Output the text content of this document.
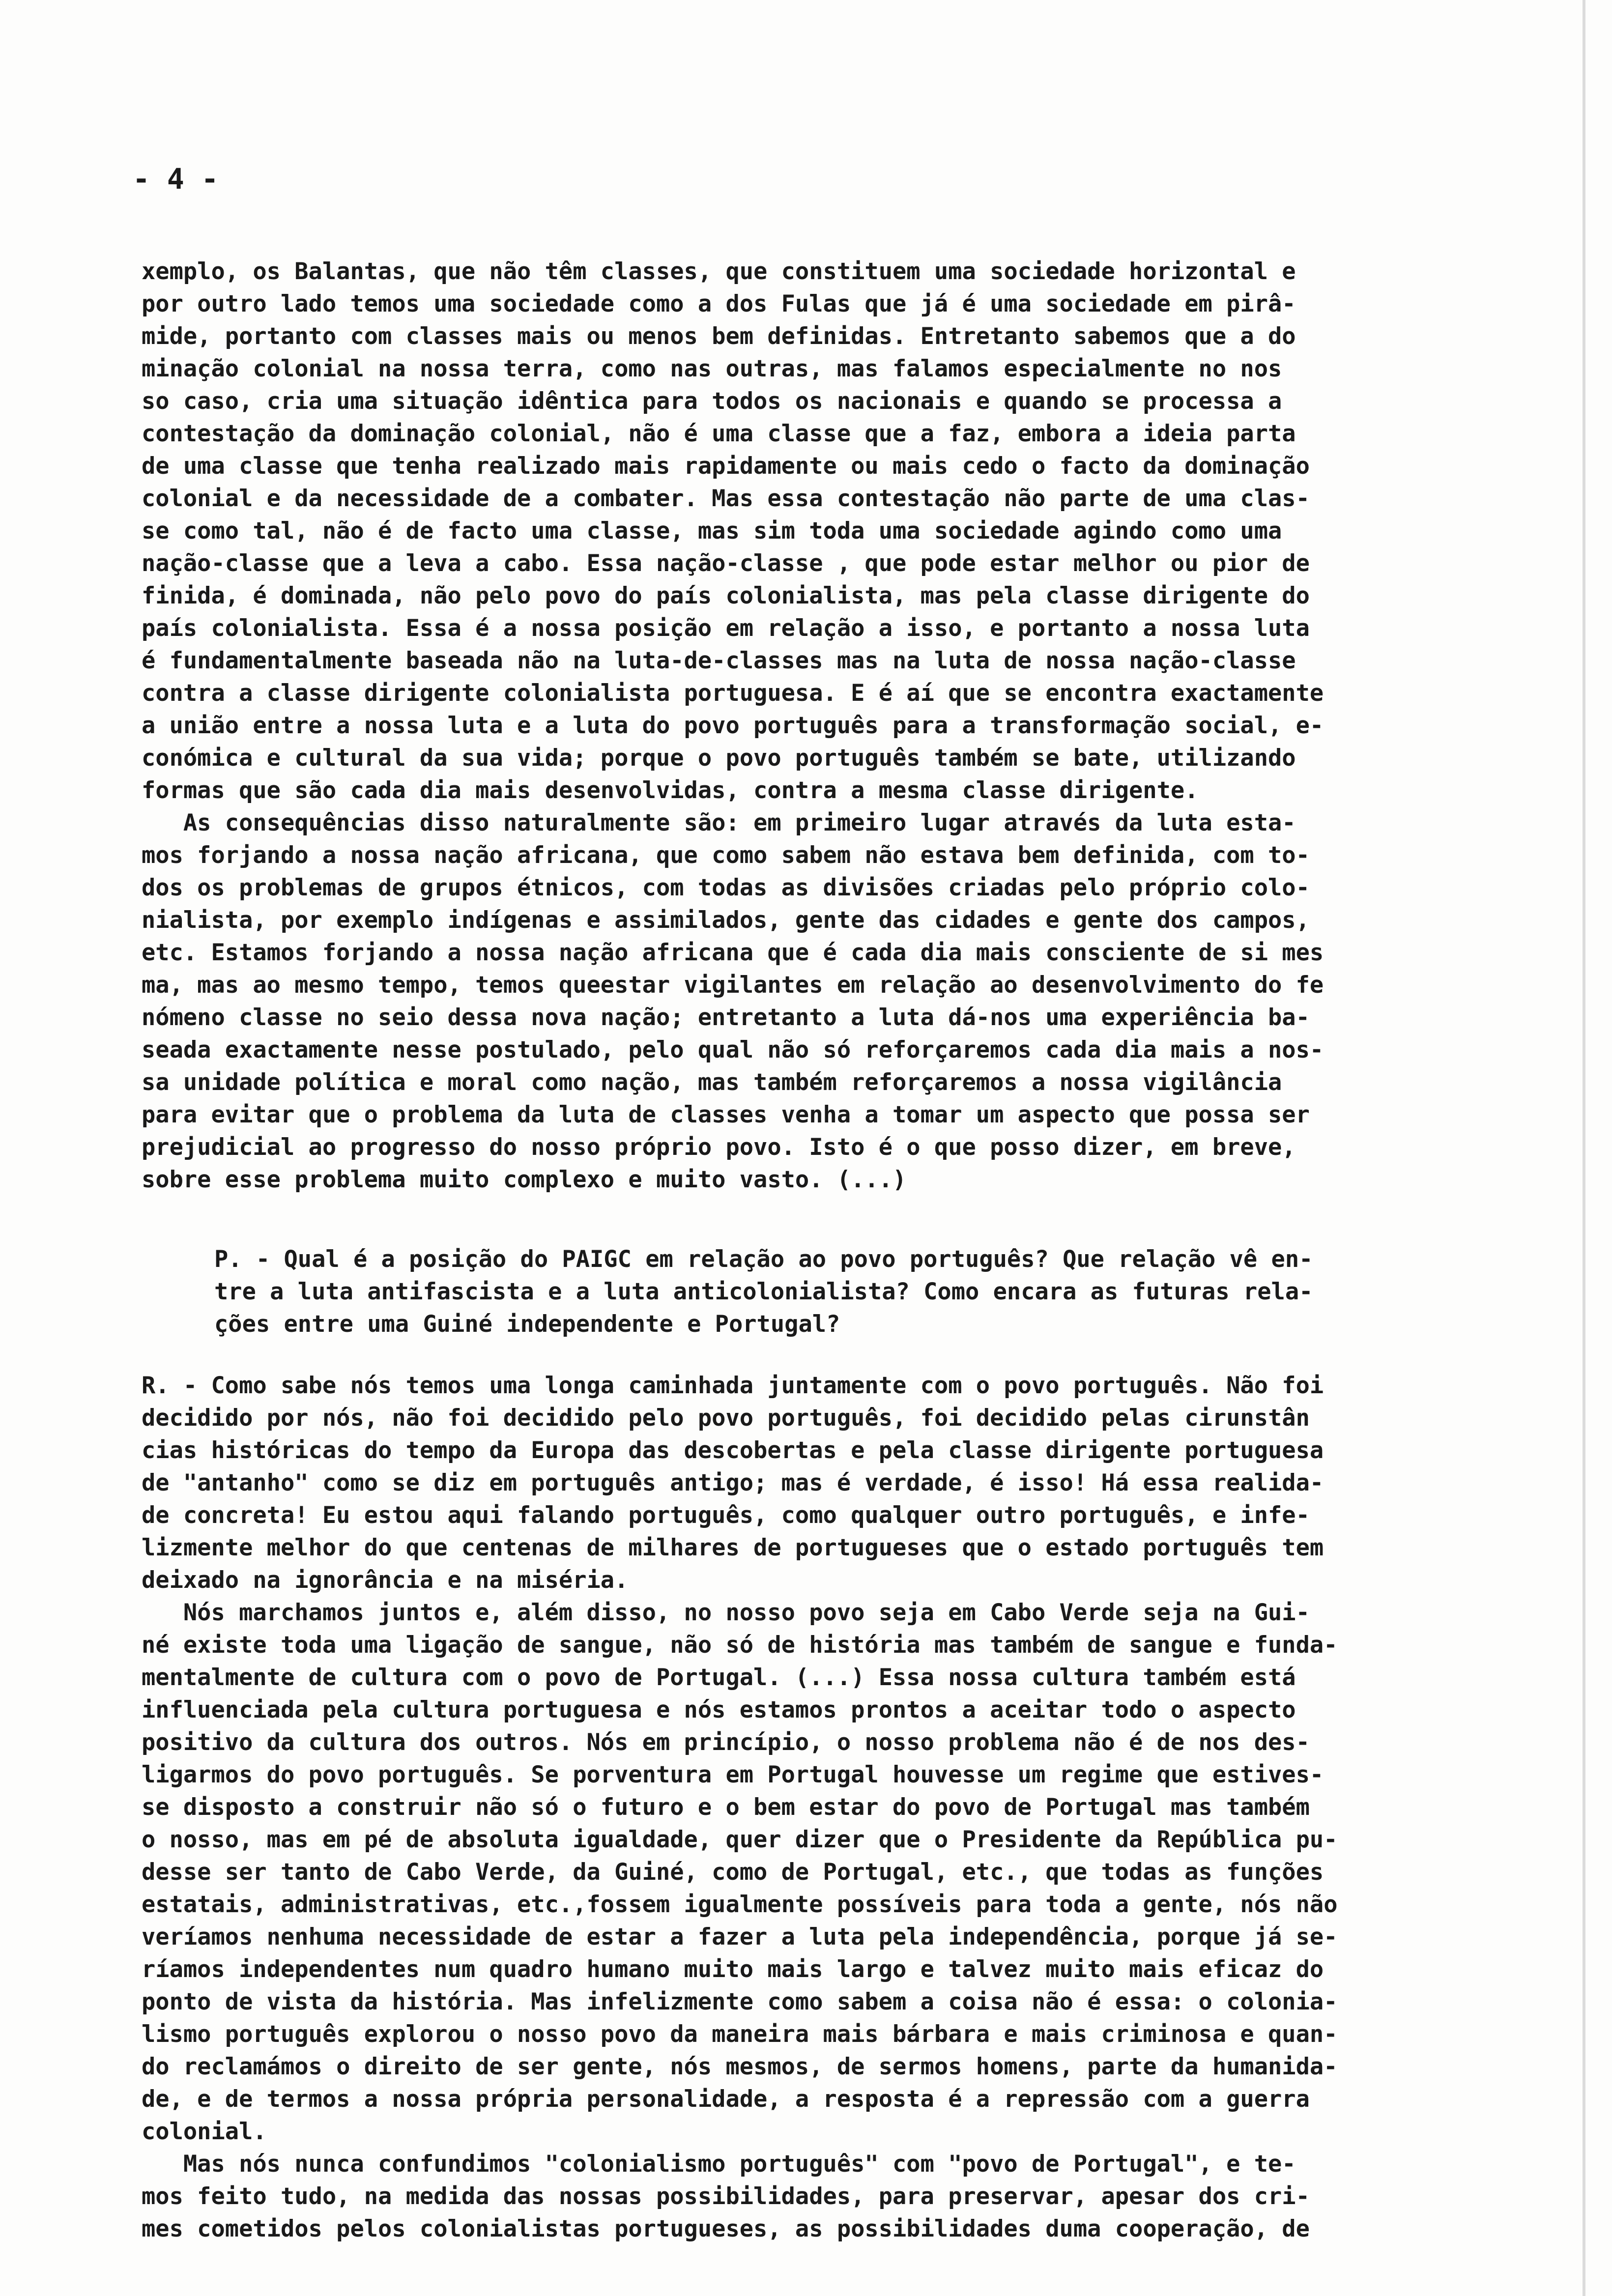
- 4 -
xemplo, os Balantas, que não têm classes, que constituem uma sociedade horizontal e
por outro lado temos uma sociedade como a dos Fulas que já é uma sociedade em pirâ-
mide, portanto com classes mais ou menos bem definidas. Entretanto sabemos que a do
minação colonial na nossa terra, como nas outras, mas falamos especialmente no nos
so caso, cria uma situação idêntica para todos os nacionais e quando se processa a
contestação da dominação colonial, não é uma classe que a faz, embora a ideia parta
de uma classe que tenha realizado mais rapidamente ou mais cedo o facto da dominação
colonial e da necessidade de a combater. Mas essa contestação não parte de uma clas-
se como tal, não é de facto uma classe, mas sim toda uma sociedade agindo como uma
nação-classe que a leva a cabo. Essa nação-classe , que pode estar melhor ou pior de
finida, é dominada, não pelo povo do país colonialista, mas pela classe dirigente do
país colonialista. Essa é a nossa posição em relação a isso, e portanto a nossa luta
é fundamentalmente baseada não na luta-de-classes mas na luta de nossa nação-classe
contra a classe dirigente colonialista portuguesa. E é aí que se encontra exactamente
a união entre a nossa luta e a luta do povo português para a transformação social, e-
conómica e cultural da sua vida; porque o povo português também se bate, utilizando
formas que são cada dia mais desenvolvidas, contra a mesma classe dirigente.
As consequências disso naturalmente são: em primeiro lugar através da luta esta-
mos forjando a nossa nação africana, que como sabem não estava bem definida, com to-
dos os problemas de grupos étnicos, com todas as divisões criadas pelo próprio colo-
nialista, por exemplo indígenas e assimilados, gente das cidades e gente dos campos,
etc. Estamos forjando a nossa nação africana que é cada dia mais consciente de si mes
ma, mas ao mesmo tempo, temos queestar vigilantes em relação ao desenvolvimento do fe
nómeno classe no seio dessa nova nação; entretanto a luta dá-nos uma experiência ba-
seada exactamente nesse postulado, pelo qual não só reforçaremos cada dia mais a nos-
sa unidade política e moral como nação, mas também reforçaremos a nossa vigilância
para evitar que o problema da luta de classes venha a tomar um aspecto que possa ser
prejudicial ao progresso do nosso próprio povo. Isto é o que posso dizer, em breve,
sobre esse problema muito complexo e muito vasto. (...)
P. - Qual é a posição do PAIGC em relação ao povo português? Que relação vê en-
tre a luta antifascista e a luta anticolonialista? Como encara as futuras rela-
ções entre uma Guiné independente e Portugal?
R. - Como sabe nós temos uma longa caminhada juntamente com o povo português. Não foi
decidido por nós, não foi decidido pelo povo português, foi decidido pelas cirunstân
cias históricas do tempo da Europa das descobertas e pela classe dirigente portuguesa
de "antanho" como se diz em português antigo; mas é verdade, é isso! Há essa realida-
de concreta! Eu estou aqui falando português, como qualquer outro português, e infe-
lizmente melhor do que centenas de milhares de portugueses que o estado português tem
deixado na ignorância e na miséria.
Nós marchamos juntos e, além disso, no nosso povo seja em Cabo Verde seja na Gui-
né existe toda uma ligação de sangue, não só de história mas também de sangue e funda-
mentalmente de cultura com o povo de Portugal. (...) Essa nossa cultura também está
influenciada pela cultura portuguesa e nós estamos prontos a aceitar todo o aspecto
positivo da cultura dos outros. Nós em princípio, o nosso problema não é de nos des-
ligarmos do povo português. Se porventura em Portugal houvesse um regime que estives-
se disposto a construir não só o futuro e o bem estar do povo de Portugal mas também
o nosso, mas em pé de absoluta igualdade, quer dizer que o Presidente da República pu-
desse ser tanto de Cabo Verde, da Guiné, como de Portugal, etc., que todas as funções
estatais, administrativas, etc.,fossem igualmente possíveis para toda a gente, nós não
veríamos nenhuma necessidade de estar a fazer a luta pela independência, porque já se-
ríamos independentes num quadro humano muito mais largo e talvez muito mais eficaz do
ponto de vista da história. Mas infelizmente como sabem a coisa não é essa: o colonia-
lismo português explorou o nosso povo da maneira mais bárbara e mais criminosa e quan-
do reclamámos o direito de ser gente, nós mesmos, de sermos homens, parte da humanida-
de, e de termos a nossa própria personalidade, a resposta é a repressão com a guerra
colonial.
Mas nós nunca confundimos "colonialismo português" com "povo de Portugal", e te-
mos feito tudo, na medida das nossas possibilidades, para preservar, apesar dos cri-
mes cometidos pelos colonialistas portugueses, as possibilidades duma cooperação, de
